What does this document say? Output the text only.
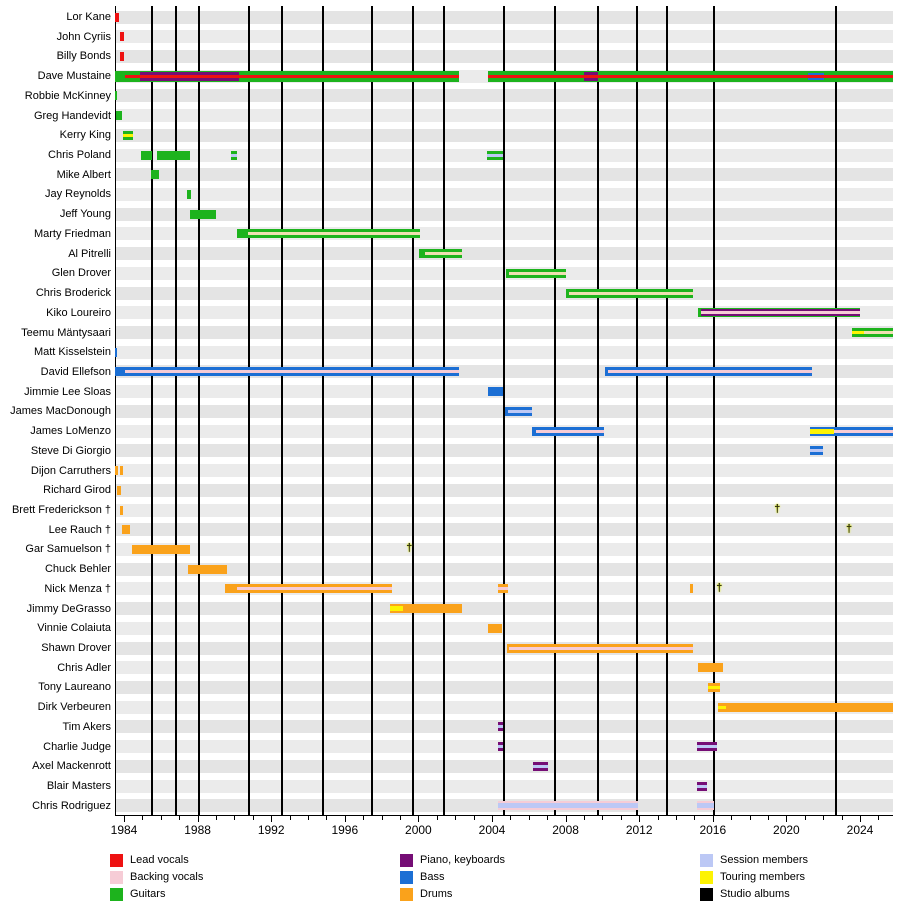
Lor Kane
John Cyriis
Billy Bonds
Dave Mustaine
Robbie McKinney
Greg Handevidt
Kerry King
Chris Poland
Mike Albert
Jay Reynolds
Jeff Young
Marty Friedman
Al Pitrelli
Glen Drover
Chris Broderick
Kiko Loureiro
Teemu Mäntysaari
Matt Kisselstein
David Ellefson
Jimmie Lee Sloas
James MacDonough
James LoMenzo
Steve Di Giorgio
Dijon Carruthers
Richard Girod
Brett Frederickson †
Lee Rauch †
Gar Samuelson †
Chuck Behler
Nick Menza †
Jimmy DeGrasso
Vinnie Colaiuta
Shawn Drover
Chris Adler
Tony Laureano
Dirk Verbeuren
Tim Akers
Charlie Judge
Axel Mackenrott
Blair Masters
Chris Rodriguez
†
†
†
†
1984	1988	1992	1996	2000	2004	2008	2012	2016	2020	2024
Lead vocals
Backing vocals
Guitars
Piano, keyboards
Bass
Drums
Session members
Touring members
Studio albums
